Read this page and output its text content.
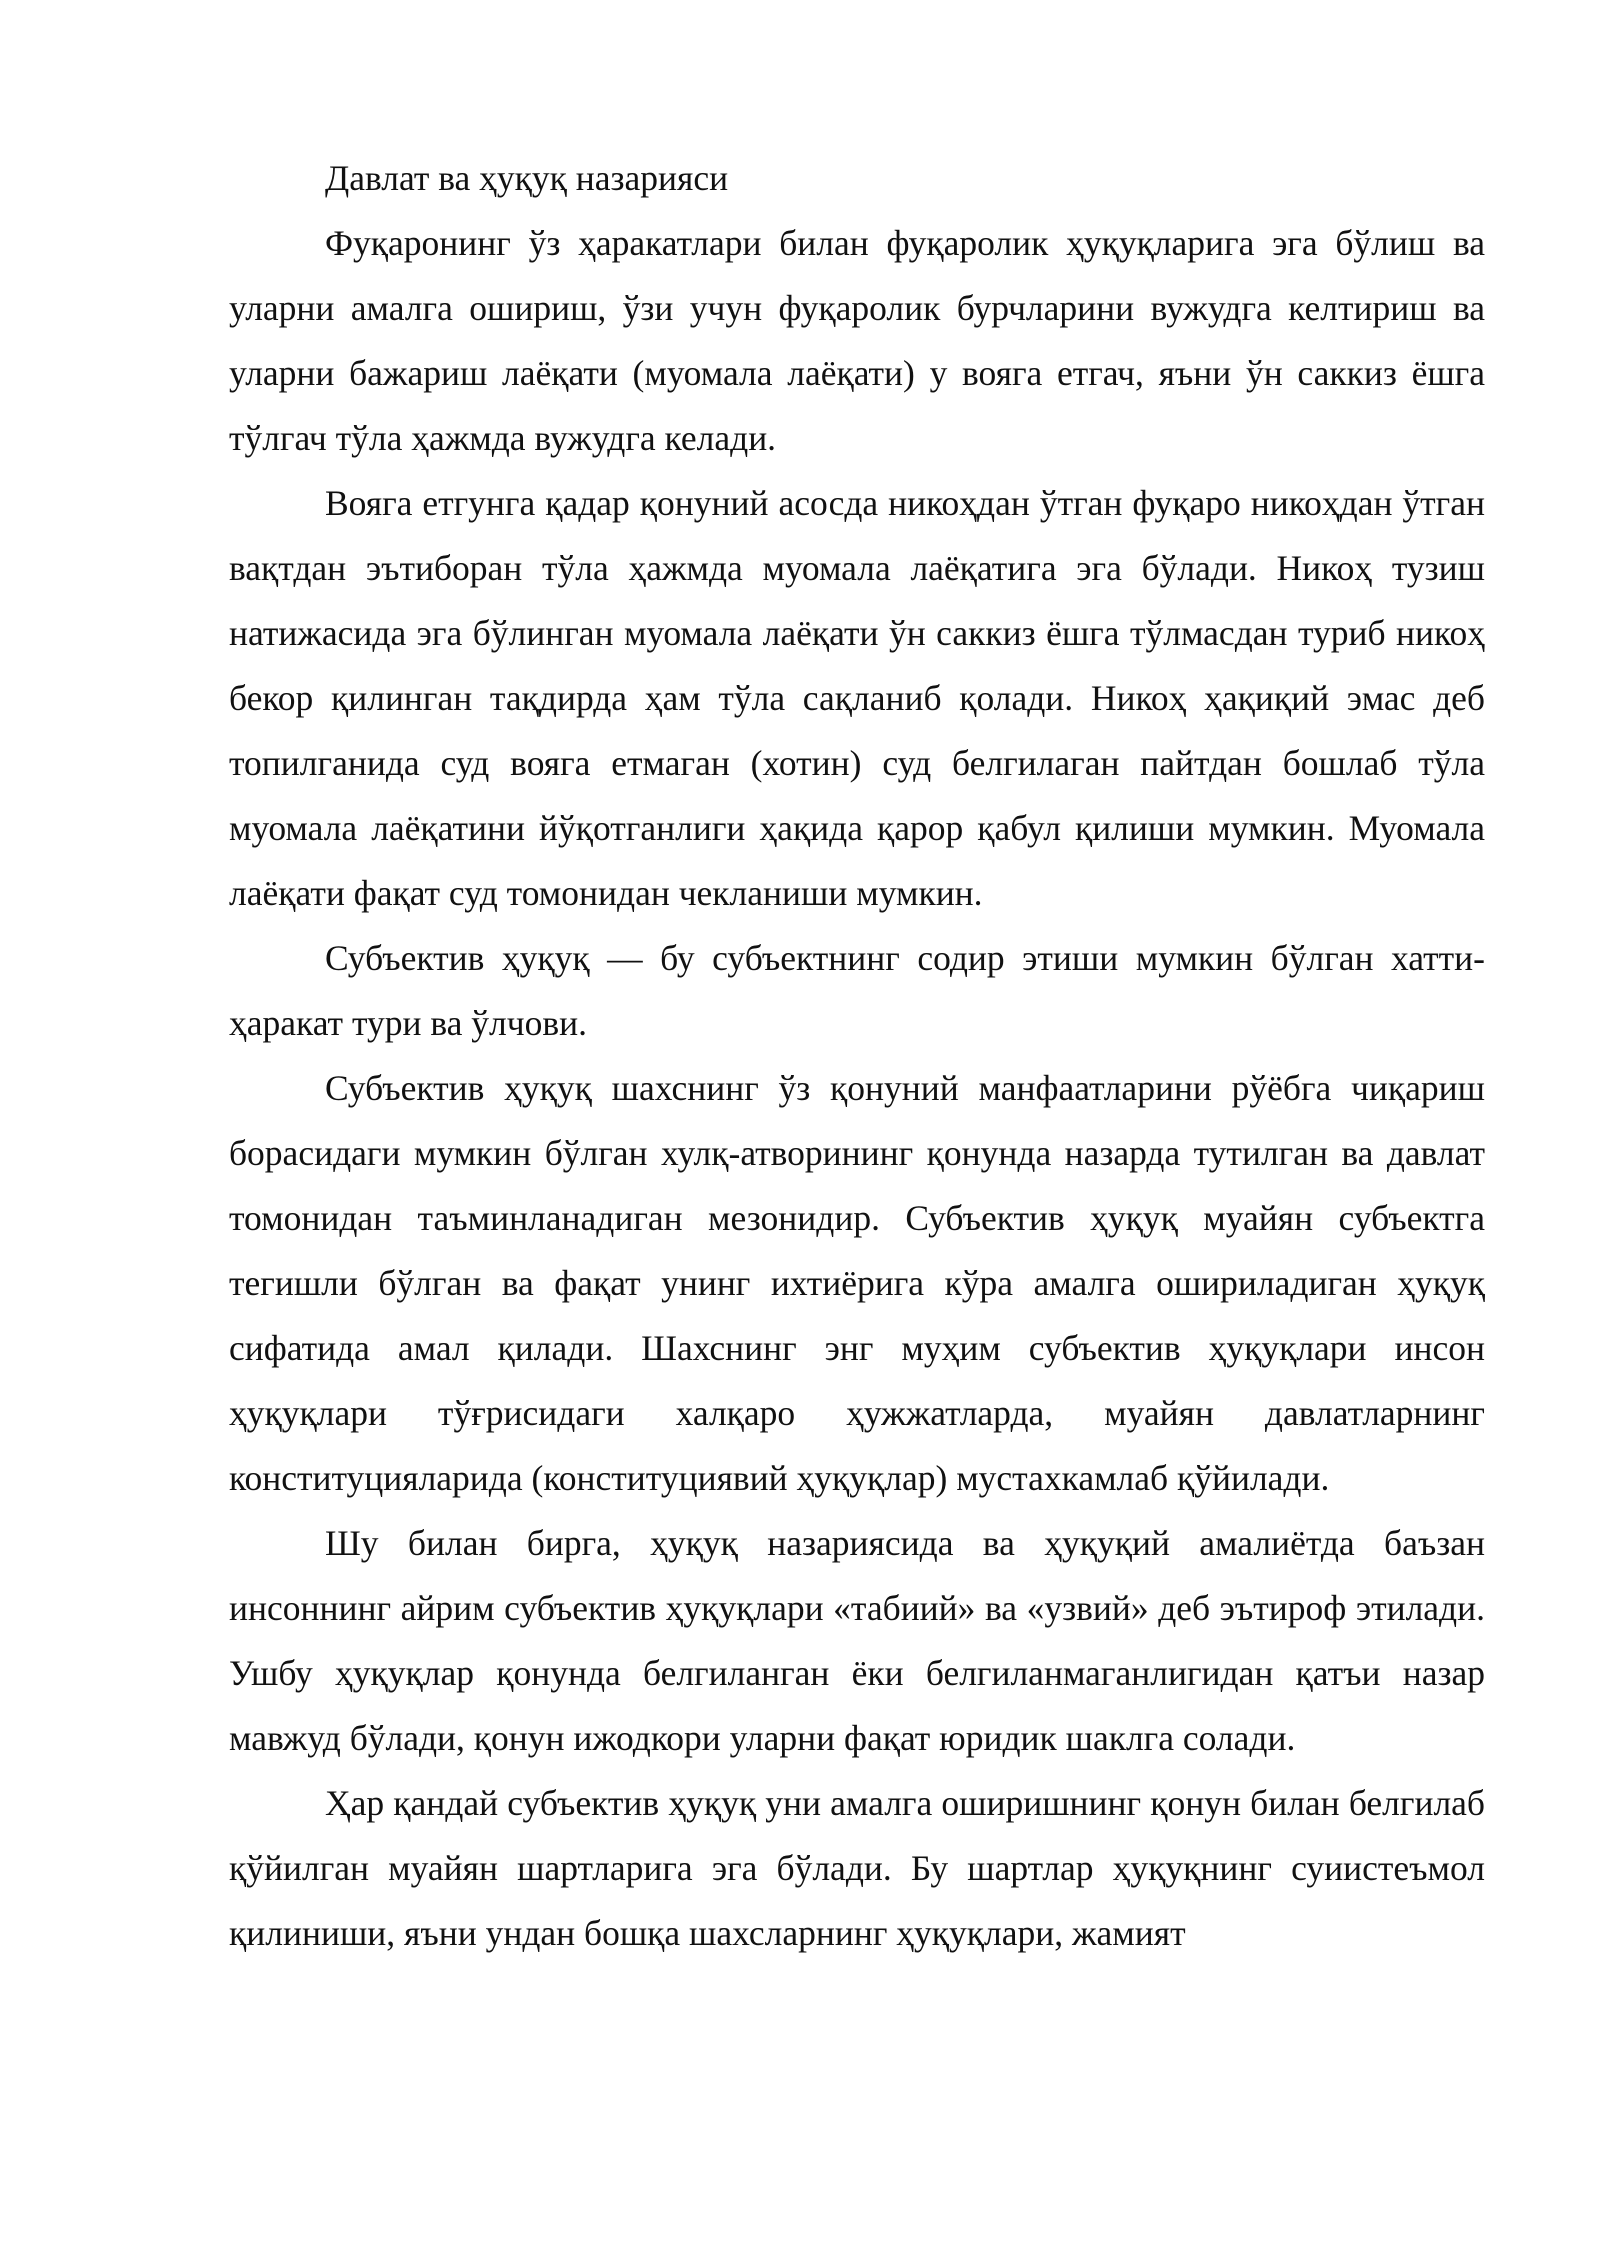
Давлат ва ҳуқуқ назарияси

Фуқаронинг ўз ҳаракатлари билан фуқаролик ҳуқуқларига эга бўлиш ва уларни амалга ошириш, ўзи учун фуқаролик бурчларини вужудга келтириш ва уларни бажариш лаёқати (муомала лаёқати) у вояга етгач, яъни ўн саккиз ёшга тўлгач тўла ҳажмда вужудга келади.

Вояга етгунга қадар қонуний асосда никоҳдан ўтган фуқаро никоҳдан ўтган вақтдан эътиборан тўла ҳажмда муомала лаёқатига эга бўлади. Никоҳ тузиш натижасида эга бўлинган муомала лаёқати ўн саккиз ёшга тўлмасдан туриб никоҳ бекор қилинган тақдирда ҳам тўла сақланиб қолади. Никоҳ ҳақиқий эмас деб топилганида суд вояга етмаган (хотин) суд белгилаган пайтдан бошлаб тўла муомала лаёқатини йўқотганлиги ҳақида қарор қабул қилиши мумкин. Муомала лаёқати фақат суд томонидан чекланиши мумкин.

Субъектив ҳуқуқ — бу субъектнинг содир этиши мумкин бўлган хатти-ҳаракат тури ва ўлчови.

Субъектив ҳуқуқ шахснинг ўз қонуний манфаатларини рўёбга чиқариш борасидаги мумкин бўлган хулқ-атворининг қонунда назарда тутилган ва давлат томонидан таъминланадиган мезонидир. Субъектив ҳуқуқ муайян субъектга тегишли бўлган ва фақат унинг ихтиёрига кўра амалга ошириладиган ҳуқуқ сифатида амал қилади. Шахснинг энг муҳим субъектив ҳуқуқлари инсон ҳуқуқлари тўғрисидаги халқаро ҳужжатларда, муайян давлатларнинг конституцияларида (конституциявий ҳуқуқлар) мустахкамлаб қўйилади.

Шу билан бирга, ҳуқуқ назариясида ва ҳуқуқий амалиётда баъзан инсоннинг айрим субъектив ҳуқуқлари «табиий» ва «узвий» деб эътироф этилади. Ушбу ҳуқуқлар қонунда белгиланган ёки белгиланмаганлигидан қатъи назар мавжуд бўлади, қонун ижодкори уларни фақат юридик шаклга солади.

Ҳар қандай субъектив ҳуқуқ уни амалга оширишнинг қонун билан белгилаб қўйилган муайян шартларига эга бўлади. Бу шартлар ҳуқуқнинг суиистеъмол қилиниши, яъни ундан бошқа шахсларнинг ҳуқуқлари, жамият
